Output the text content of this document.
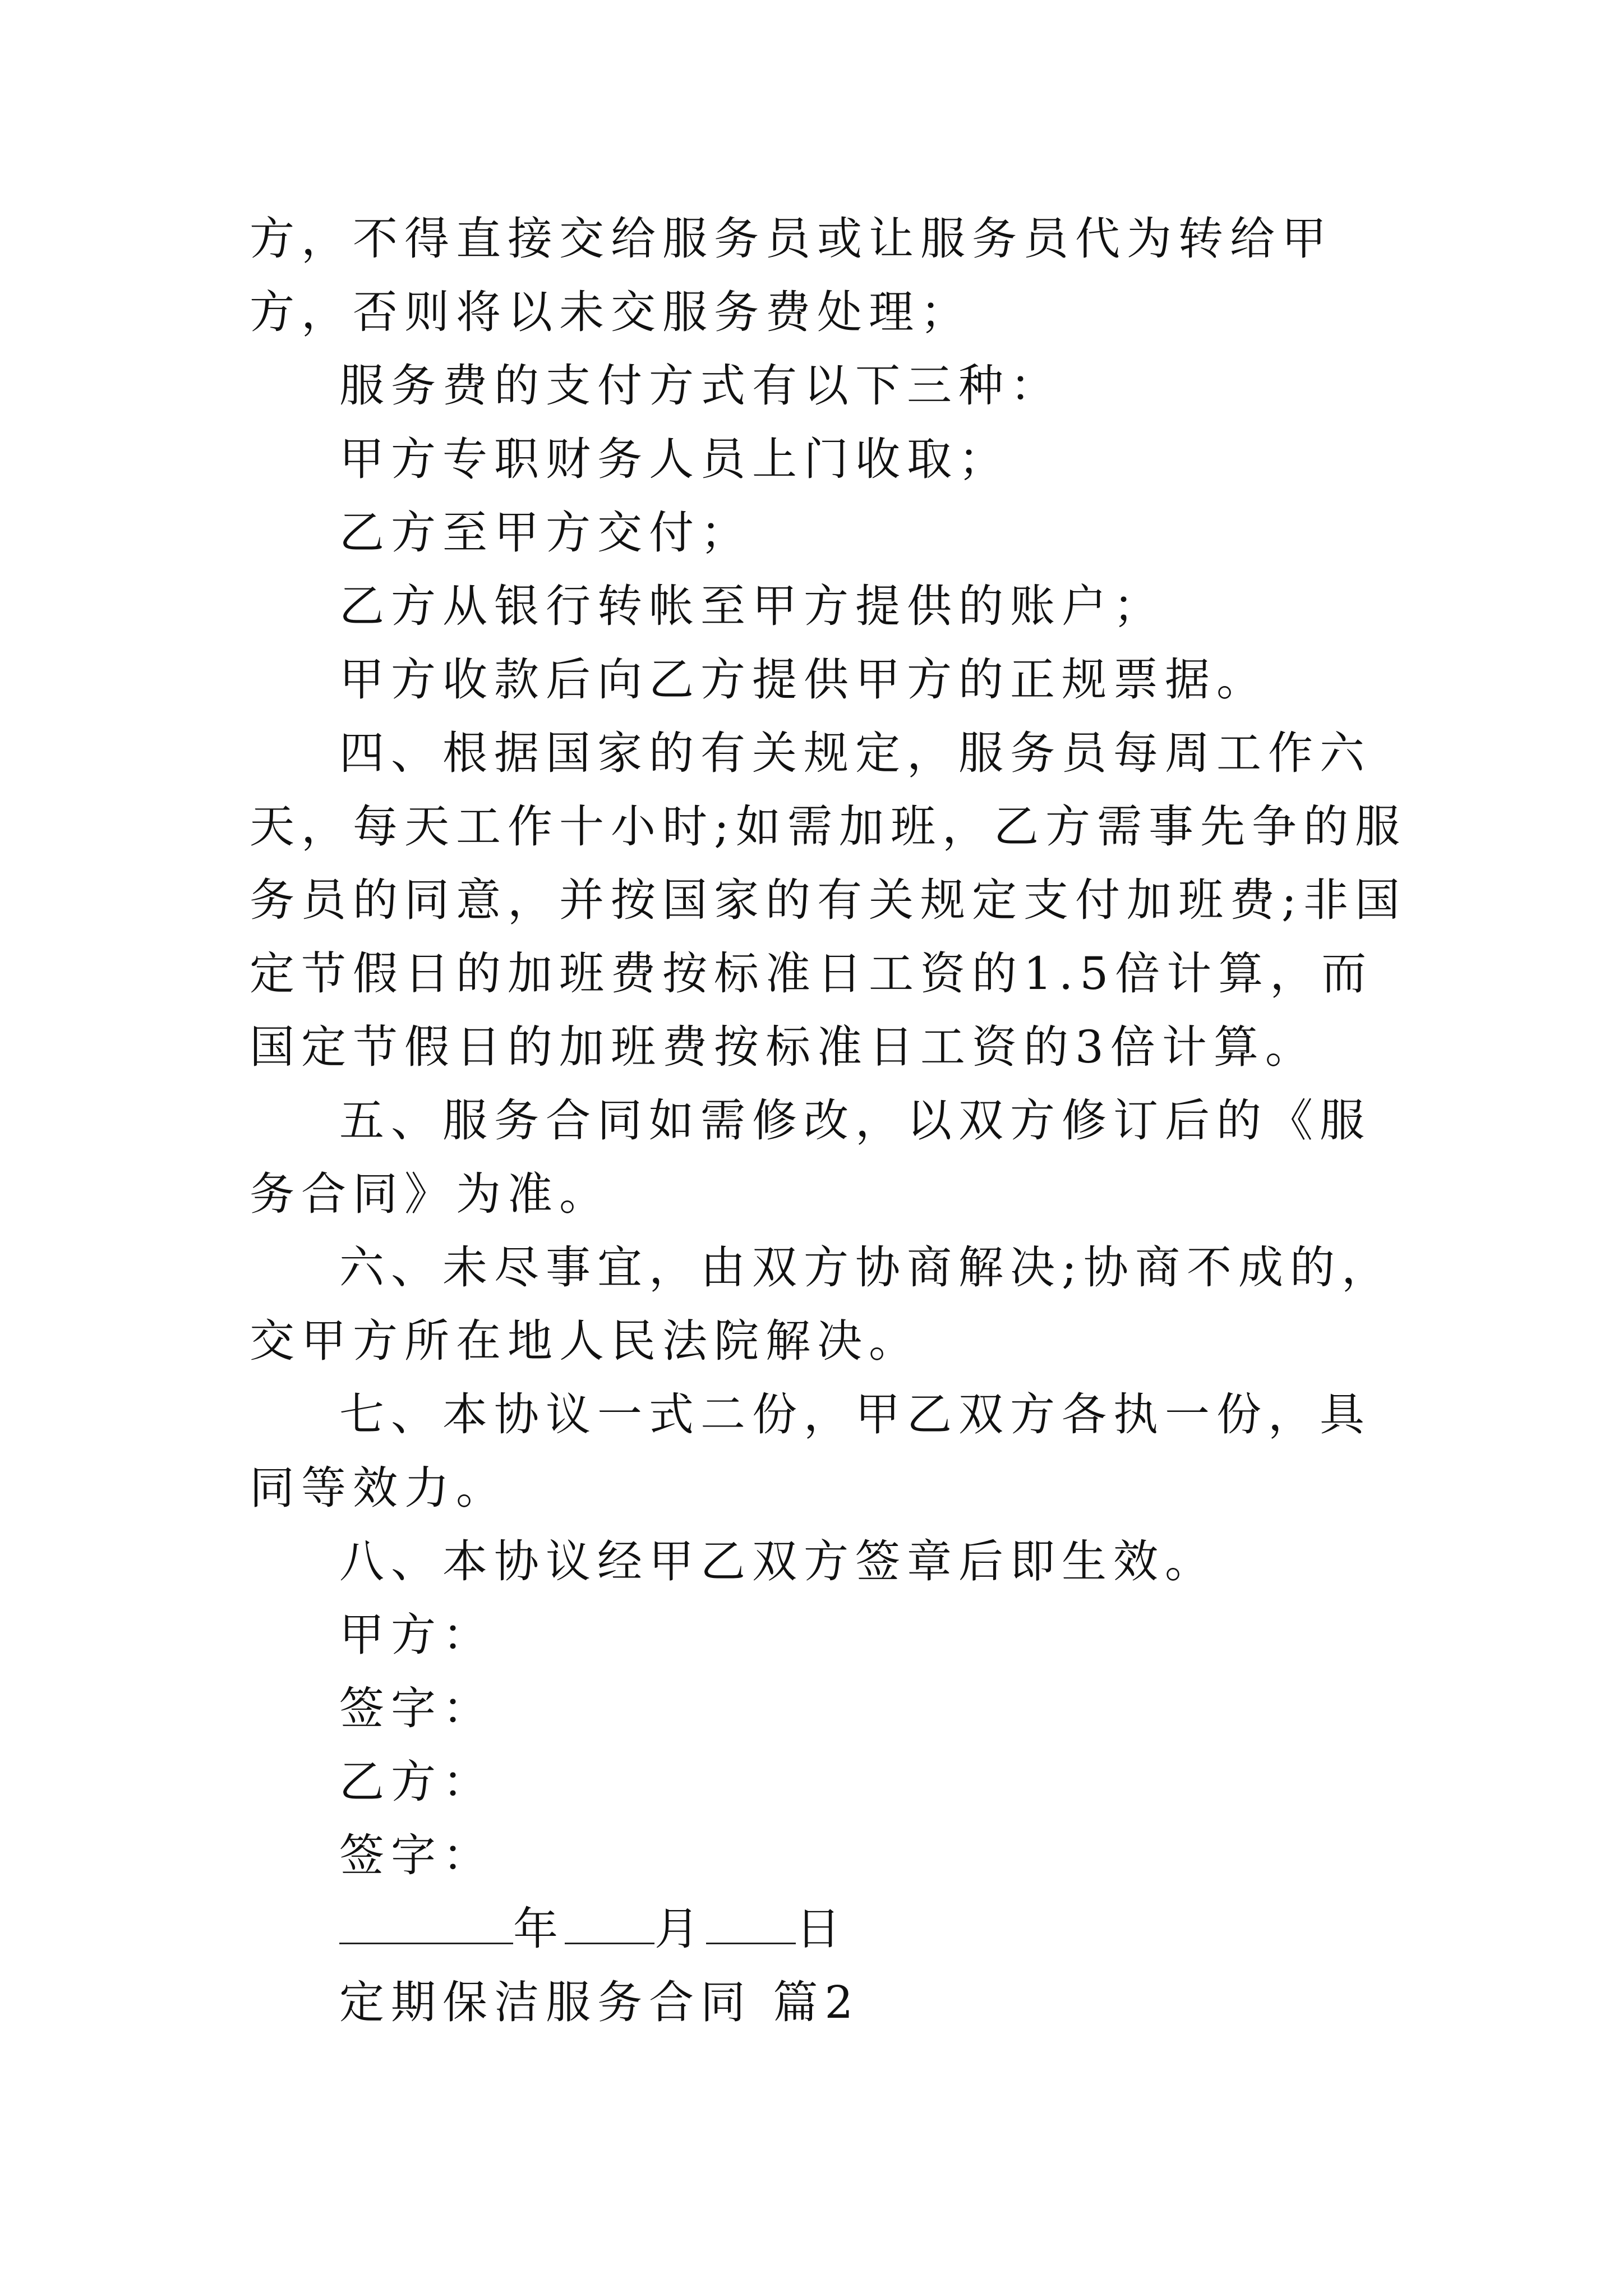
方，不得直接交给服务员或让服务员代为转给甲方，否则将以未交服务费处理；

服务费的支付方式有以下三种：

甲方专职财务人员上门收取；

乙方至甲方交付；

乙方从银行转帐至甲方提供的账户；

甲方收款后向乙方提供甲方的正规票据。

四、根据国家的有关规定，服务员每周工作六天，每天工作十小时;如需加班，乙方需事先争的服务员的同意，并按国家的有关规定支付加班费;非国定节假日的加班费按标准日工资的1.5倍计算，而国定节假日的加班费按标准日工资的3倍计算。

五、服务合同如需修改，以双方修订后的《服务合同》为准。

六、未尽事宜，由双方协商解决;协商不成的，交甲方所在地人民法院解决。

七、本协议一式二份，甲乙双方各执一份，具同等效力。

八、本协议经甲乙双方签章后即生效。

甲方：

签字：

乙方：

签字：

年 月 日

定期保洁服务合同 篇2
